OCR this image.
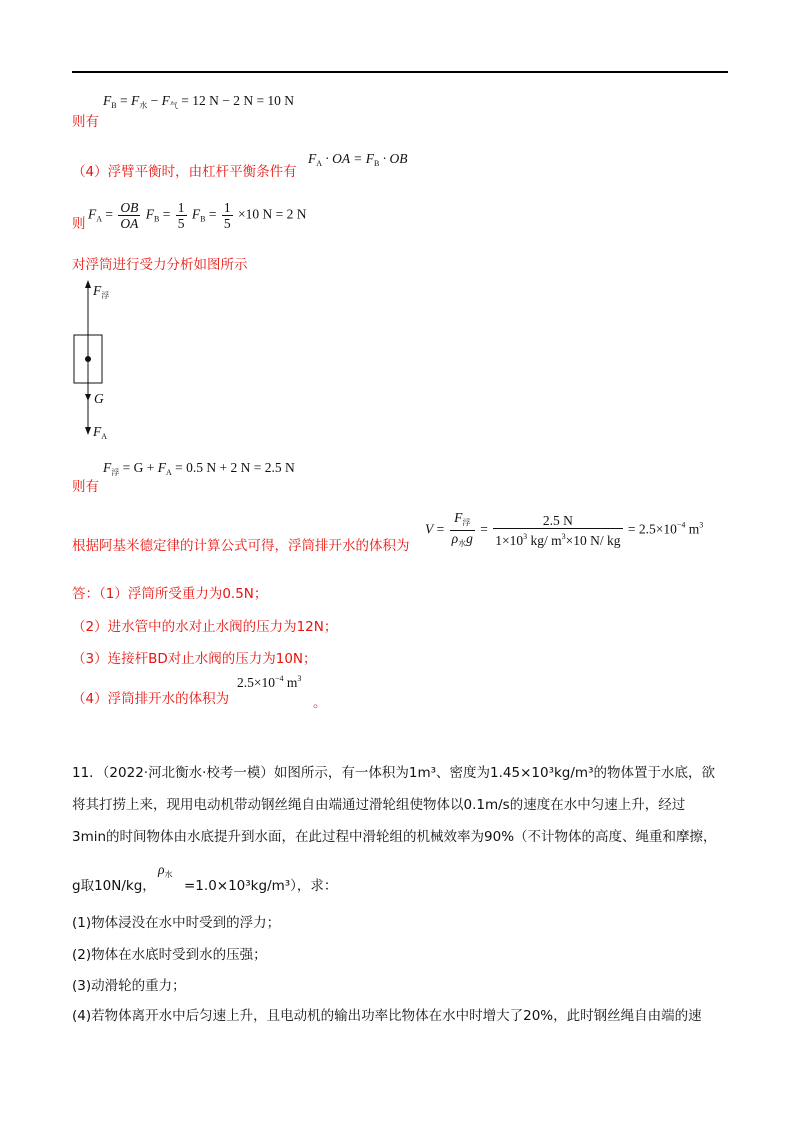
$F_B = F_水 - F_气 = 12$ N − 2 N = 10 N
则有
（4）浮臂平衡时，由杠杆平衡条件有
$F_A$ · OA = $F_B$ · OB
则
$F_A = \frac{OB}{OA} F_B = \frac{1}{5} F_B = \frac{1}{5} \times 10$ N = 2 N
对浮筒进行受力分析如图所示
$F_浮$
G
$F_A$
$F_浮 = G + F_A = 0.5$ N + 2 N = 2.5 N
则有
根据阿基米德定律的计算公式可得，浮筒排开水的体积为
$V = \frac{F_浮}{\rho_水g} = \frac{2.5 N}{1\times 10^3 kg/ m^3\times 10 N/ kg} = 2.5\times 10^{-4}$ $m^3$
答：（1）浮筒所受重力为0.5N；
（2）进水管中的水对止水阀的压力为12N；
（3）连接杆BD对止水阀的压力为10N；
（4）浮筒排开水的体积为
$2.5\times 10^{-4}$ $m^3$
。
11．（2022·河北衡水·校考一模）如图所示，有一体积为1m³、密度为1.45×10³kg/m³的物体置于水底，欲
将其打捞上来，现用电动机带动钢丝绳自由端通过滑轮组使物体以0.1m/s的速度在水中匀速上升，经过
3min的时间物体由水底提升到水面，在此过程中滑轮组的机械效率为90%（不计物体的高度、绳重和摩擦，
g取10N/kg，
$\rho_水$
=1.0×10³kg/m³），求：
(1)物体浸没在水中时受到的浮力；
(2)物体在水底时受到水的压强；
(3)动滑轮的重力；
(4)若物体离开水中后匀速上升，且电动机的输出功率比物体在水中时增大了20%，此时钢丝绳自由端的速
